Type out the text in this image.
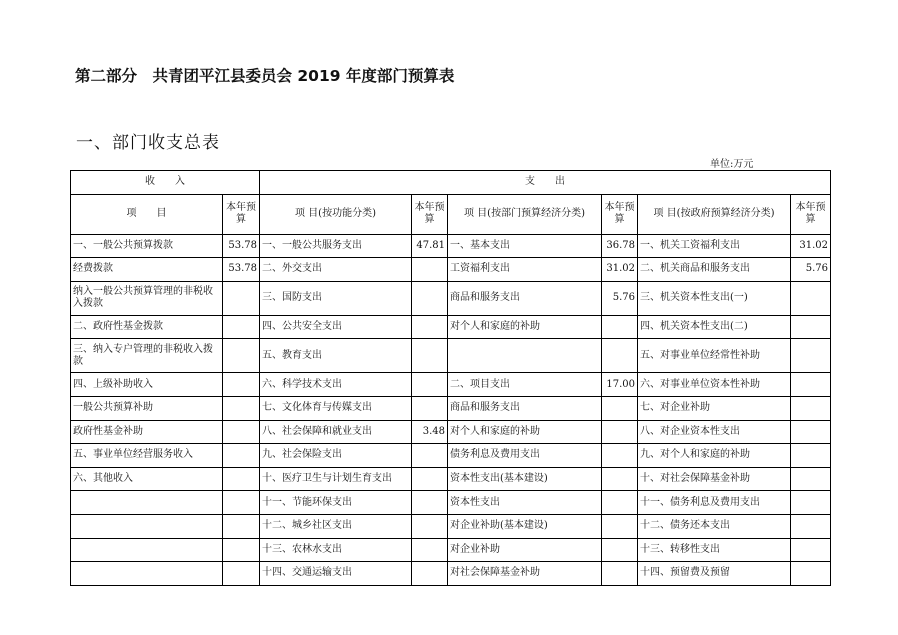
第二部分　共青团平江县委员会 2019 年度部门预算表
一、部门收支总表
单位:万元
收　　入		支　　出					
项　　目	本年预算	项 目(按功能分类)	本年预算	项 目(按部门预算经济分类)	本年预算	项 目(按政府预算经济分类)	本年预算
一、一般公共预算拨款	53.78	一、一般公共服务支出	47.81	一、基本支出	36.78	一、机关工资福利支出	31.02
经费拨款	53.78	二、外交支出		工资福利支出	31.02	二、机关商品和服务支出	5.76
纳入一般公共预算管理的非税收入拨款		三、国防支出		商品和服务支出	5.76	三、机关资本性支出(一)	
二、政府性基金拨款		四、公共安全支出		对个人和家庭的补助		四、机关资本性支出(二)	
三、纳入专户管理的非税收入拨款		五、教育支出				五、对事业单位经常性补助	
四、上级补助收入		六、科学技术支出		二、项目支出	17.00	六、对事业单位资本性补助	
一般公共预算补助		七、文化体育与传媒支出		商品和服务支出		七、对企业补助	
政府性基金补助		八、社会保障和就业支出	3.48	对个人和家庭的补助		八、对企业资本性支出	
五、事业单位经营服务收入		九、社会保险支出		债务利息及费用支出		九、对个人和家庭的补助	
六、其他收入		十、医疗卫生与计划生育支出		资本性支出(基本建设)		十、对社会保障基金补助	
		十一、节能环保支出		资本性支出		十一、债务利息及费用支出	
		十二、城乡社区支出		对企业补助(基本建设)		十二、债务还本支出	
		十三、农林水支出		对企业补助		十三、转移性支出	
		十四、交通运输支出		对社会保障基金补助		十四、预留费及预留	
